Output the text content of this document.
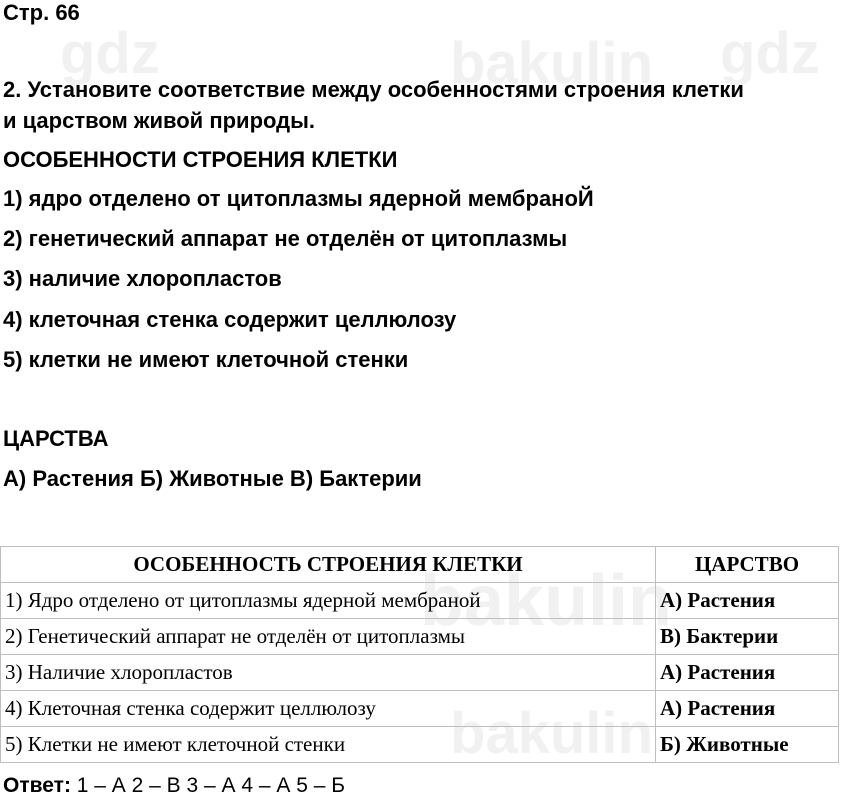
bakulin
gdz	gdz
bakulin
bakulin
Стр. 66
2. Установите соответствие между особенностями строения клетки
и царством живой природы.
ОСОБЕННОСТИ СТРОЕНИЯ КЛЕТКИ
1) ядро отделено от цитоплазмы ядерной мембранoЙ
2) генетический аппарат не отделён от цитоплазмы
3) наличие хлоропластов
4) клеточная стенка содержит целлюлозу
5) клетки не имеют клеточной стенки
ЦАРСТВА
А) Растения Б) Животные В) Бактерии
ОСОБЕННОСТЬ СТРОЕНИЯ КЛЕТКИ	ЦАРСТВО
1) Ядро отделено от цитоплазмы ядерной мембраной	А) Растения
2) Генетический аппарат не отделён от цитоплазмы	В) Бактерии
3) Наличие хлоропластов	А) Растения
4) Клеточная стенка содержит целлюлозу	А) Растения
5) Клетки не имеют клеточной стенки	Б) Животные
Ответ: 1 – А 2 – В 3 – А 4 – А 5 – Б
